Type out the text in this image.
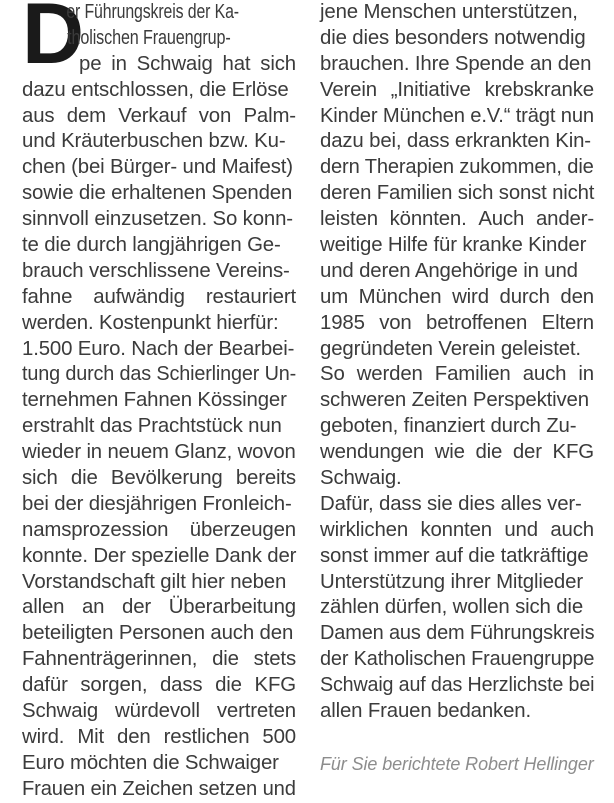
D
er Führungskreis der Ka-tholischen Frauengrup-
pe in Schwaig hat sich
dazu entschlossen, die Erlöse
aus dem Verkauf von Palm-
und Kräuterbuschen bzw. Ku-
chen (bei Bürger- und Maifest)
sowie die erhaltenen Spenden
sinnvoll einzusetzen. So konn-
te die durch langjährigen Ge-
brauch verschlissene Vereins-
fahne aufwändig restauriert
werden. Kostenpunkt hierfür:
1.500 Euro. Nach der Bearbei-
tung durch das Schierlinger Un-
ternehmen Fahnen Kössinger
erstrahlt das Prachtstück nun
wieder in neuem Glanz, wovon
sich die Bevölkerung bereits
bei der diesjährigen Fronleich-
namsprozession überzeugen
konnte. Der spezielle Dank der
Vorstandschaft gilt hier neben
allen an der Überarbeitung
beteiligten Personen auch den
Fahnenträgerinnen, die stets
dafür sorgen, dass die KFG
Schwaig würdevoll vertreten
wird. Mit den restlichen 500
Euro möchten die Schwaiger
Frauen ein Zeichen setzen und
jene Menschen unterstützen,
die dies besonders notwendig
brauchen. Ihre Spende an den
Verein „Initiative krebskranke
Kinder München e.V.“ trägt nun
dazu bei, dass erkrankten Kin-
dern Therapien zukommen, diederen Familien sich sonst nicht
leisten könnten. Auch ander-
weitige Hilfe für kranke Kinder
und deren Angehörige in und
um München wird durch den
1985 von betroffenen Eltern
gegründeten Verein geleistet.
So werden Familien auch in
schweren Zeiten Perspektiven
geboten, finanziert durch Zu-
wendungen wie die der KFG
Schwaig.
Dafür, dass sie dies alles ver-
wirklichen konnten und auch
sonst immer auf die tatkräftige
Unterstützung ihrer Mitglieder
zählen dürfen, wollen sich die
Damen aus dem Führungskreisder Katholischen FrauengruppeSchwaig auf das Herzlichste bei
allen Frauen bedanken.
Für Sie berichtete Robert Hellinger
